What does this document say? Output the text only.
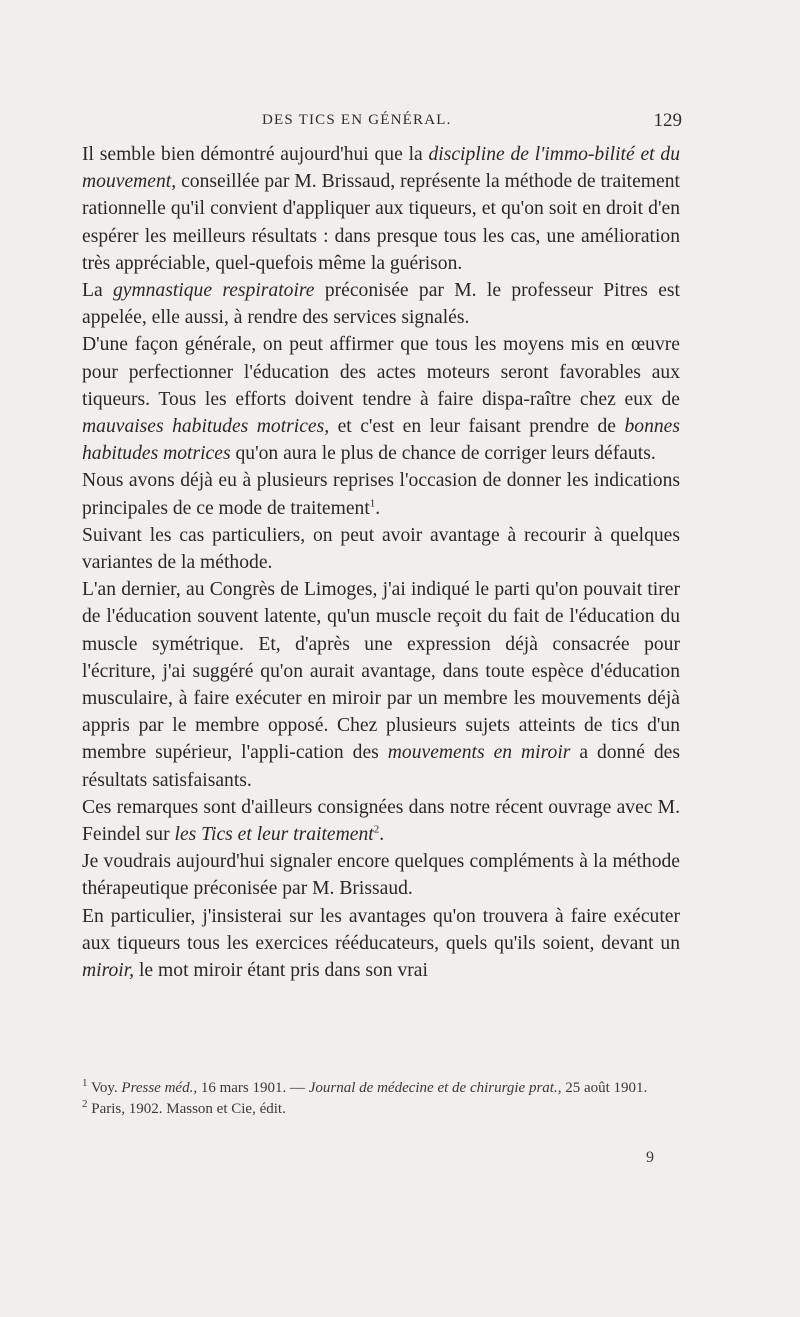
DES TICS EN GÉNÉRAL.	129

Il semble bien démontré aujourd'hui que la discipline de l'immo-bilité et du mouvement, conseillée par M. Brissaud, représente la méthode de traitement rationnelle qu'il convient d'appliquer aux tiqueurs, et qu'on soit en droit d'en espérer les meilleurs résultats : dans presque tous les cas, une amélioration très appréciable, quel-quefois même la guérison.

La gymnastique respiratoire préconisée par M. le professeur Pitres est appelée, elle aussi, à rendre des services signalés.

D'une façon générale, on peut affirmer que tous les moyens mis en œuvre pour perfectionner l'éducation des actes moteurs seront favorables aux tiqueurs. Tous les efforts doivent tendre à faire dispa-raître chez eux de mauvaises habitudes motrices, et c'est en leur faisant prendre de bonnes habitudes motrices qu'on aura le plus de chance de corriger leurs défauts.

Nous avons déjà eu à plusieurs reprises l'occasion de donner les indications principales de ce mode de traitement$^1$.

Suivant les cas particuliers, on peut avoir avantage à recourir à quelques variantes de la méthode.

L'an dernier, au Congrès de Limoges, j'ai indiqué le parti qu'on pouvait tirer de l'éducation souvent latente, qu'un muscle reçoit du fait de l'éducation du muscle symétrique. Et, d'après une expression déjà consacrée pour l'écriture, j'ai suggéré qu'on aurait avantage, dans toute espèce d'éducation musculaire, à faire exécuter en miroir par un membre les mouvements déjà appris par le membre opposé. Chez plusieurs sujets atteints de tics d'un membre supérieur, l'appli-cation des mouvements en miroir a donné des résultats satisfaisants.

Ces remarques sont d'ailleurs consignées dans notre récent ouvrage avec M. Feindel sur les Tics et leur traitement$^2$.

Je voudrais aujourd'hui signaler encore quelques compléments à la méthode thérapeutique préconisée par M. Brissaud.

En particulier, j'insisterai sur les avantages qu'on trouvera à faire exécuter aux tiqueurs tous les exercices rééducateurs, quels qu'ils soient, devant un miroir, le mot miroir étant pris dans son vrai

$^1$ Voy. Presse méd., 16 mars 1901. — Journal de médecine et de chirurgie prat., 25 août 1901.

$^2$ Paris, 1902. Masson et Cie, édit.

9
